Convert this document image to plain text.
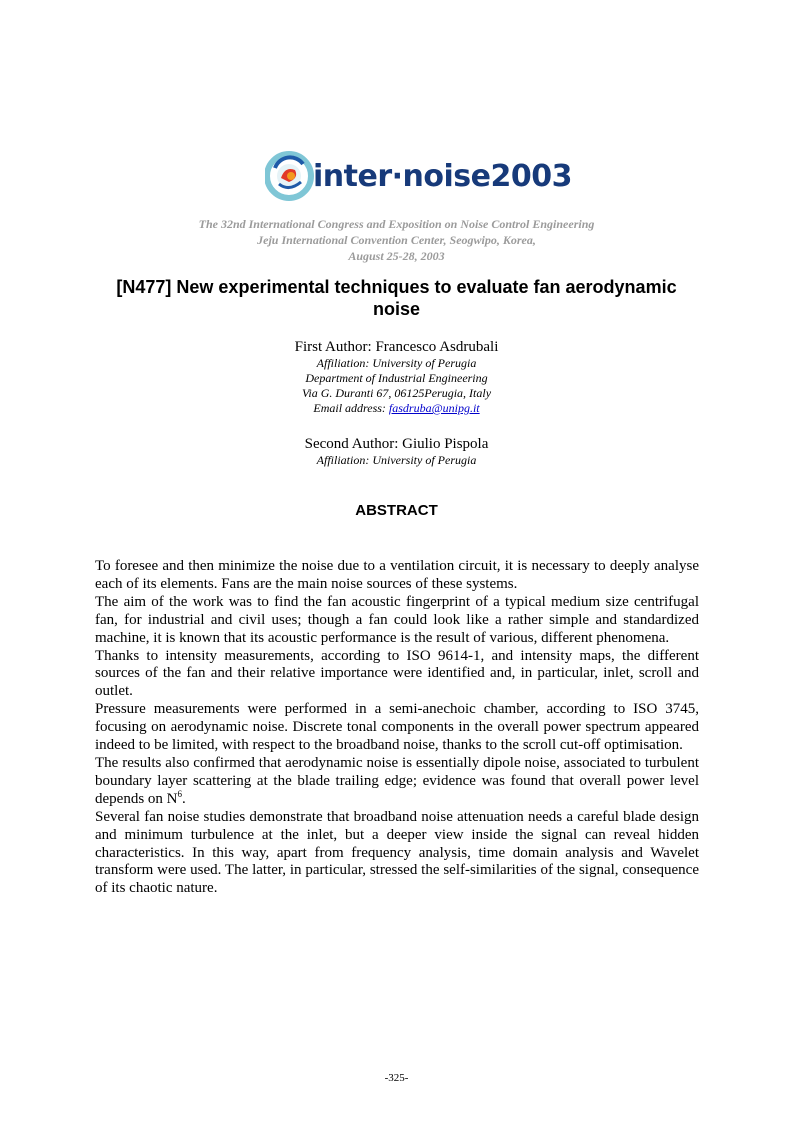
inter·noise2003
The 32nd International Congress and Exposition on Noise Control Engineering
Jeju International Convention Center, Seogwipo, Korea,
August 25-28, 2003
[N477] New experimental techniques to evaluate fan aerodynamic noise
First Author: Francesco Asdrubali
Affiliation: University of Perugia
Department of Industrial Engineering
Via G. Duranti 67, 06125Perugia, Italy
Email address: fasdruba@unipg.it
Second Author: Giulio Pispola
Affiliation: University of Perugia
ABSTRACT

To foresee and then minimize the noise due to a ventilation circuit, it is necessary to deeply analyse each of its elements. Fans are the main noise sources of these systems.

The aim of the work was to find the fan acoustic fingerprint of a typical medium size centrifugal fan, for industrial and civil uses; though a fan could look like a rather simple and standardized machine, it is known that its acoustic performance is the result of various, different phenomena.

Thanks to intensity measurements, according to ISO 9614-1, and intensity maps, the different sources of the fan and their relative importance were identified and, in particular, inlet, scroll and outlet.

Pressure measurements were performed in a semi-anechoic chamber, according to ISO 3745, focusing on aerodynamic noise. Discrete tonal components in the overall power spectrum appeared indeed to be limited, with respect to the broadband noise, thanks to the scroll cut-off optimisation.

The results also confirmed that aerodynamic noise is essentially dipole noise, associated to turbulent boundary layer scattering at the blade trailing edge; evidence was found that overall power level depends on $N^6$.

Several fan noise studies demonstrate that broadband noise attenuation needs a careful blade design and minimum turbulence at the inlet, but a deeper view inside the signal can reveal hidden characteristics. In this way, apart from frequency analysis, time domain analysis and Wavelet transform were used. The latter, in particular, stressed the self-similarities of the signal, consequence of its chaotic nature.

-325-
